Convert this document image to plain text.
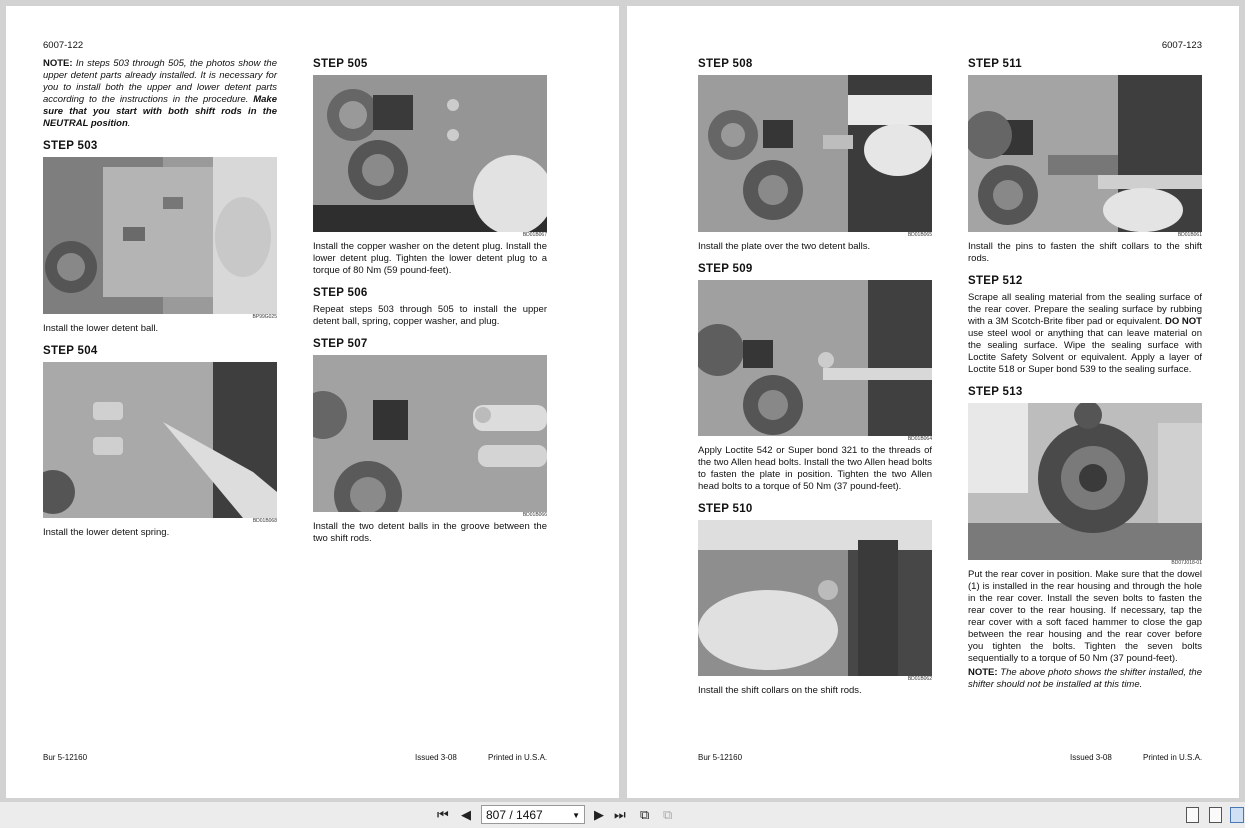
6007-122

NOTE: In steps 503 through 505, the photos show the upper detent parts already installed. It is necessary for you to install both the upper and lower detent parts according to the instructions in the procedure. Make sure that you start with both shift rods in the NEUTRAL position.

STEP 503
BP99G025

Install the lower detent ball.

STEP 504
BD01B068

Install the lower detent spring.

STEP 505
BD01B067

Install the copper washer on the detent plug. Install the lower detent plug. Tighten the lower detent plug to a torque of 80 Nm (59 pound-feet).

STEP 506

Repeat steps 503 through 505 to install the upper detent ball, spring, copper washer, and plug.

STEP 507
BD01B066

Install the two detent balls in the groove between the two shift rods.

Bur 5-12160	Issued 3-08	Printed in U.S.A.
6007-123
STEP 508
BD01B065

Install the plate over the two detent balls.

STEP 509
BD01B064

Apply Loctite 542 or Super bond 321 to the threads of the two Allen head bolts. Install the two Allen head bolts to fasten the plate in position. Tighten the two Allen head bolts to a torque of 50 Nm (37 pound-feet).

STEP 510
BD01B062

Install the shift collars on the shift rods.

STEP 511
BD01B061

Install the pins to fasten the shift collars to the shift rods.

STEP 512

Scrape all sealing material from the sealing surface of the rear cover. Prepare the sealing surface by rubbing with a 3M Scotch-Brite fiber pad or equivalent. DO NOT use steel wool or anything that can leave material on the sealing surface. Wipe the sealing surface with Loctite Safety Solvent or equivalent. Apply a layer of Loctite 518 or Super bond 539 to the sealing surface.

STEP 513
BD07J018-01

Put the rear cover in position. Make sure that the dowel (1) is installed in the rear housing and through the hole in the rear cover. Install the seven bolts to fasten the rear cover to the rear housing. If necessary, tap the rear cover with a soft faced hammer to close the gap between the rear housing and the rear cover before you tighten the bolts. Tighten the seven bolts sequentially to a torque of 50 Nm (37 pound-feet).

NOTE: The above photo shows the shifter installed, the shifter should not be installed at this time.

Bur 5-12160	Issued 3-08	Printed in U.S.A.
⏮ ◀	807 / 1467	▼ ▶ ⏭ ⧉ ⧉
